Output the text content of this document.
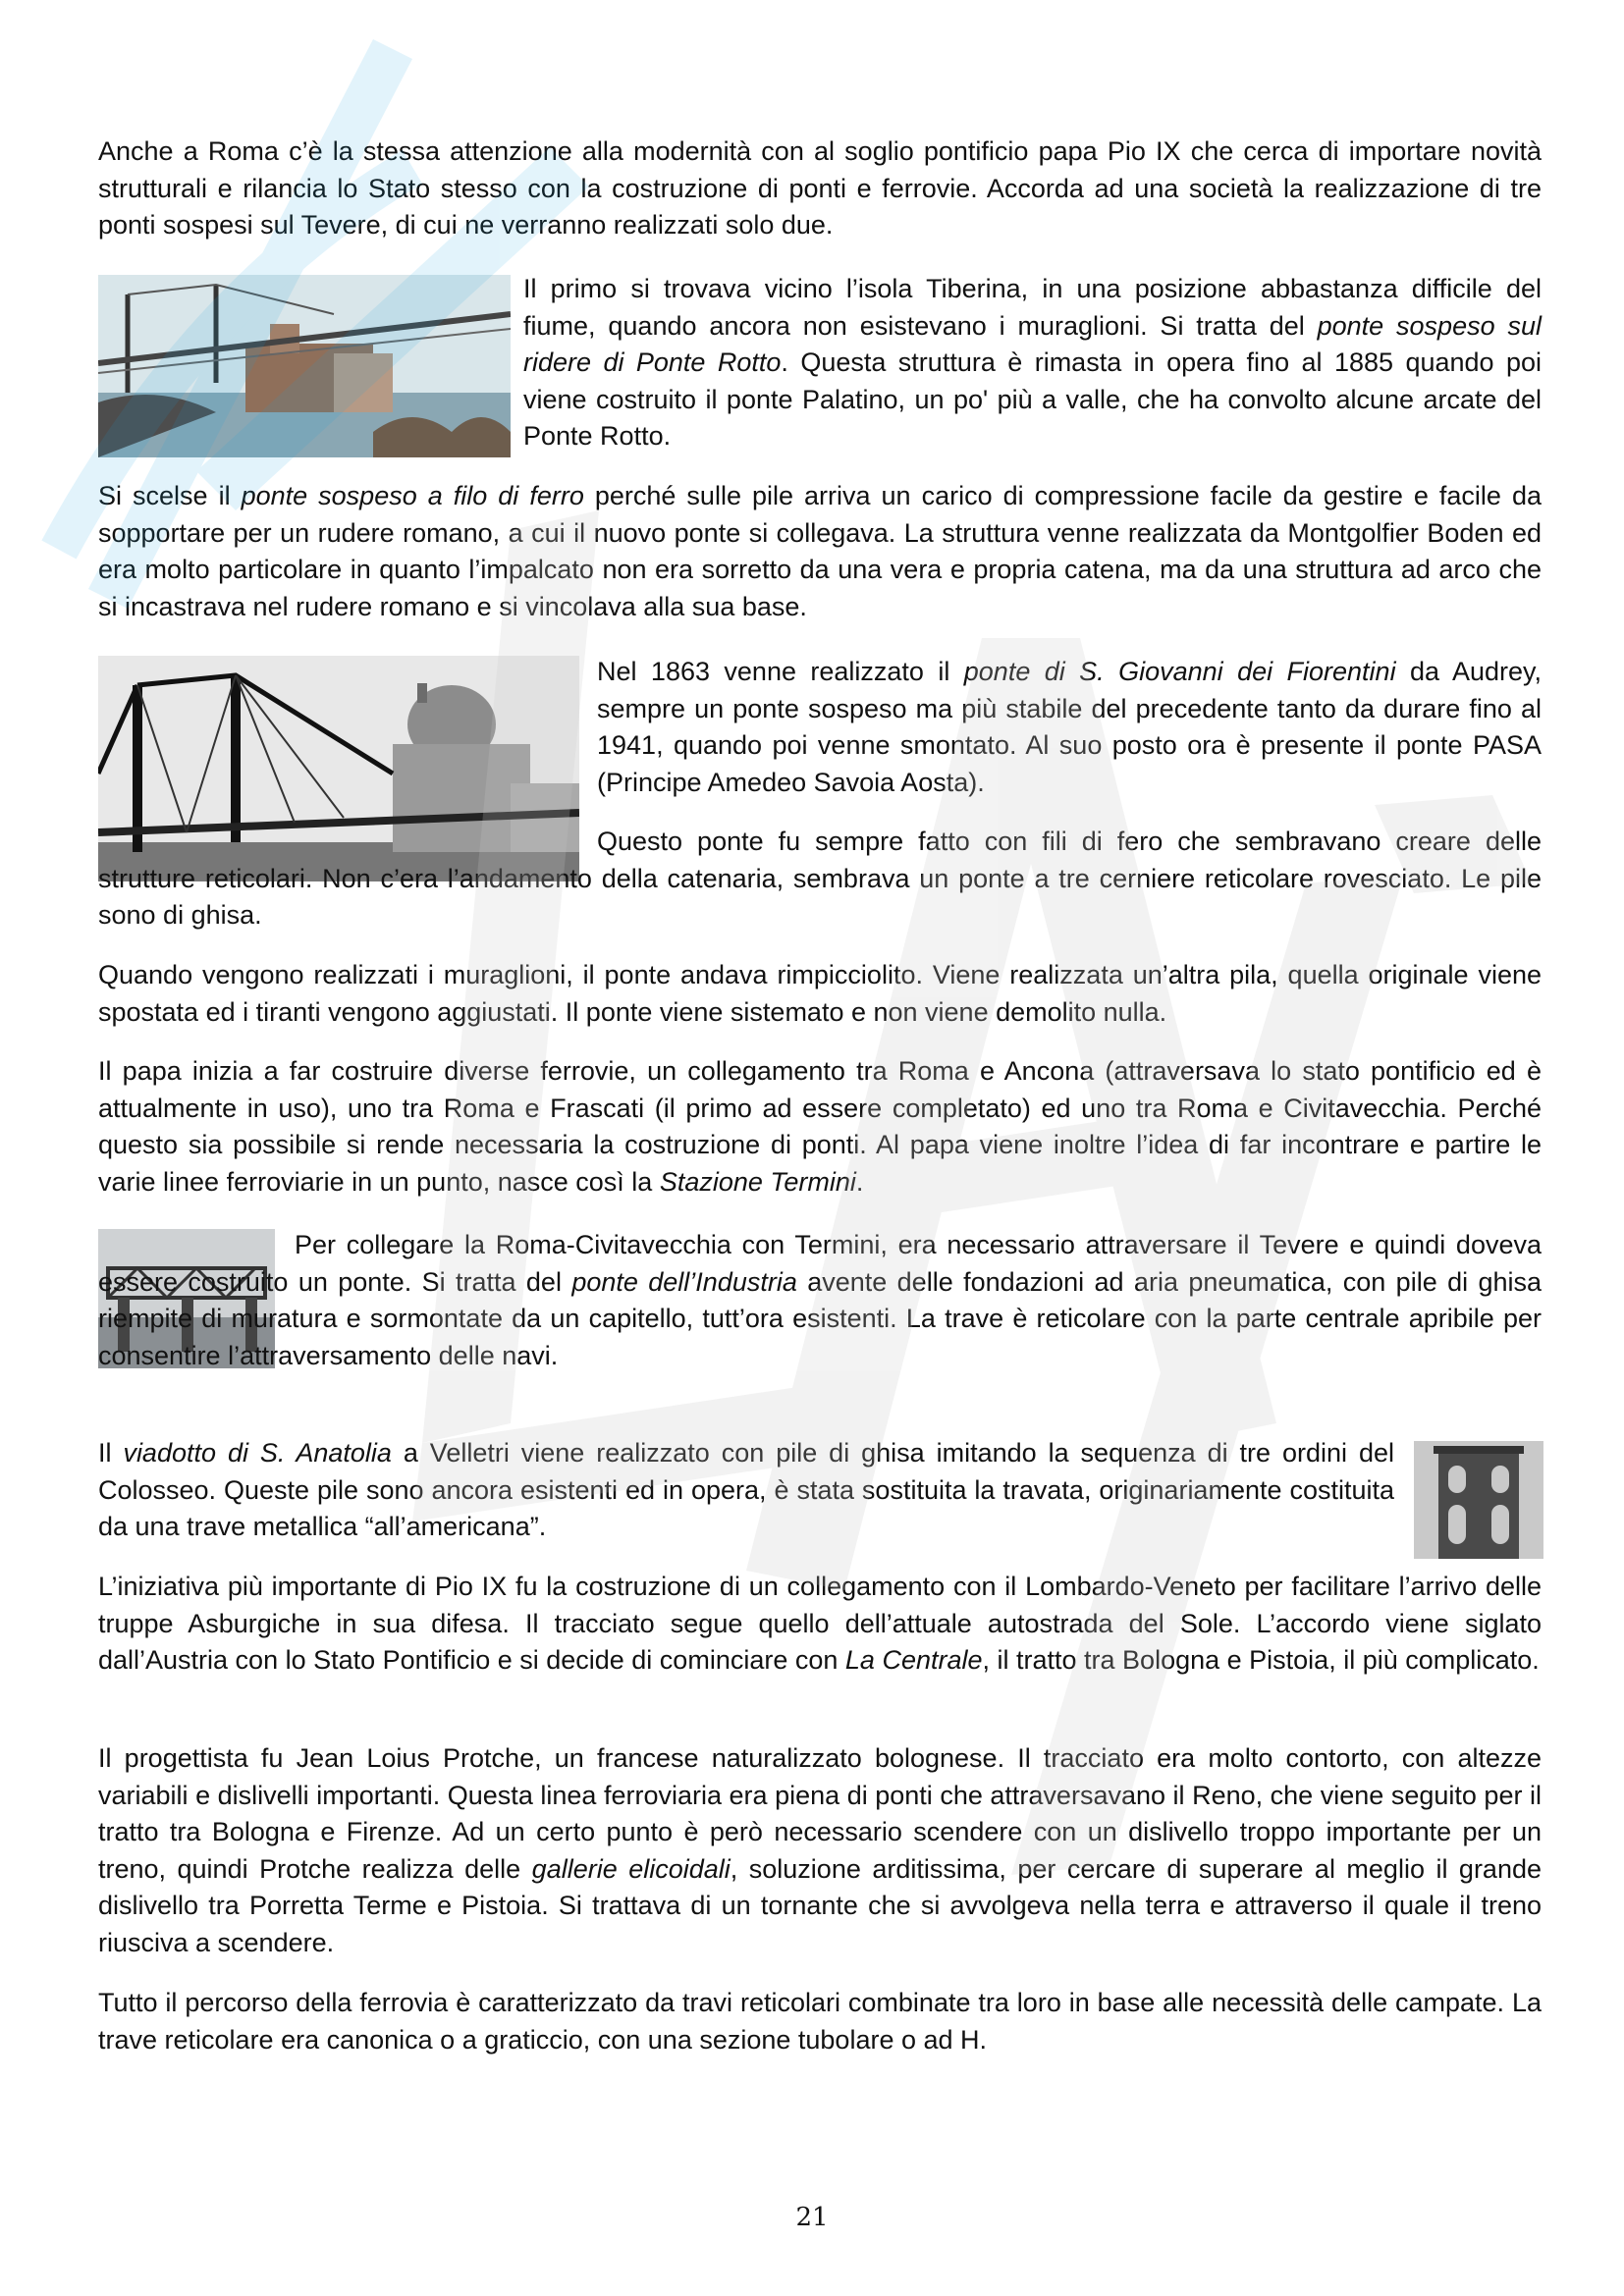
Anche a Roma c’è la stessa attenzione alla modernità con al soglio pontificio papa Pio IX che cerca di importare novità strutturali e rilancia lo Stato stesso con la costruzione di ponti e ferrovie. Accorda ad una società la realizzazione di tre ponti sospesi sul Tevere, di cui ne verranno realizzati solo due.

Il primo si trovava vicino l’isola Tiberina, in una posizione abbastanza difficile del fiume, quando ancora non esistevano i muraglioni. Si tratta del ponte sospeso sul ridere di Ponte Rotto. Questa struttura è rimasta in opera fino al 1885 quando poi viene costruito il ponte Palatino, un po' più a valle, che ha convolto alcune arcate del Ponte Rotto.

Si scelse il ponte sospeso a filo di ferro perché sulle pile arriva un carico di compressione facile da gestire e facile da sopportare per un rudere romano, a cui il nuovo ponte si collegava. La struttura venne realizzata da Montgolfier Boden ed era molto particolare in quanto l’impalcato non era sorretto da una vera e propria catena, ma da una struttura ad arco che si incastrava nel rudere romano e si vincolava alla sua base.

Nel 1863 venne realizzato il ponte di S. Giovanni dei Fiorentini da Audrey, sempre un ponte sospeso ma più stabile del precedente tanto da durare fino al 1941, quando poi venne smontato. Al suo posto ora è presente il ponte PASA (Principe Amedeo Savoia Aosta).

Questo ponte fu sempre fatto con fili di fero che sembravano creare delle strutture reticolari. Non c’era l’andamento della catenaria, sembrava un ponte a tre cerniere reticolare rovesciato. Le pile sono di ghisa.

Quando vengono realizzati i muraglioni, il ponte andava rimpicciolito. Viene realizzata un’altra pila, quella originale viene spostata ed i tiranti vengono aggiustati. Il ponte viene sistemato e non viene demolito nulla.

Il papa inizia a far costruire diverse ferrovie, un collegamento tra Roma e Ancona (attraversava lo stato pontificio ed è attualmente in uso), uno tra Roma e Frascati (il primo ad essere completato) ed uno tra Roma e Civitavecchia. Perché questo sia possibile si rende necessaria la costruzione di ponti. Al papa viene inoltre l’idea di far incontrare e partire le varie linee ferroviarie in un punto, nasce così la Stazione Termini.

Per collegare la Roma-Civitavecchia con Termini, era necessario attraversare il Tevere e quindi doveva essere costruito un ponte. Si tratta del ponte dell’Industria avente delle fondazioni ad aria pneumatica, con pile di ghisa riempite di muratura e sormontate da un capitello, tutt’ora esistenti. La trave è reticolare con la parte centrale apribile per consentire l’attraversamento delle navi.

Il viadotto di S. Anatolia a Velletri viene realizzato con pile di ghisa imitando la sequenza di tre ordini del Colosseo. Queste pile sono ancora esistenti ed in opera, è stata sostituita la travata, originariamente costituita da una trave metallica “all’americana”.

L’iniziativa più importante di Pio IX fu la costruzione di un collegamento con il Lombardo-Veneto per facilitare l’arrivo delle truppe Asburgiche in sua difesa. Il tracciato segue quello dell’attuale autostrada del Sole. L’accordo viene siglato dall’Austria con lo Stato Pontificio e si decide di cominciare con La Centrale, il tratto tra Bologna e Pistoia, il più complicato.

Il progettista fu Jean Loius Protche, un francese naturalizzato bolognese. Il tracciato era molto contorto, con altezze variabili e dislivelli importanti. Questa linea ferroviaria era piena di ponti che attraversavano il Reno, che viene seguito per il tratto tra Bologna e Firenze. Ad un certo punto è però necessario scendere con un dislivello troppo importante per un treno, quindi Protche realizza delle gallerie elicoidali, soluzione arditissima, per cercare di superare al meglio il grande dislivello tra Porretta Terme e Pistoia. Si trattava di un tornante che si avvolgeva nella terra e attraverso il quale il treno riusciva a scendere.

Tutto il percorso della ferrovia è caratterizzato da travi reticolari combinate tra loro in base alle necessità delle campate. La trave reticolare era canonica o a graticcio, con una sezione tubolare o ad H.

21
